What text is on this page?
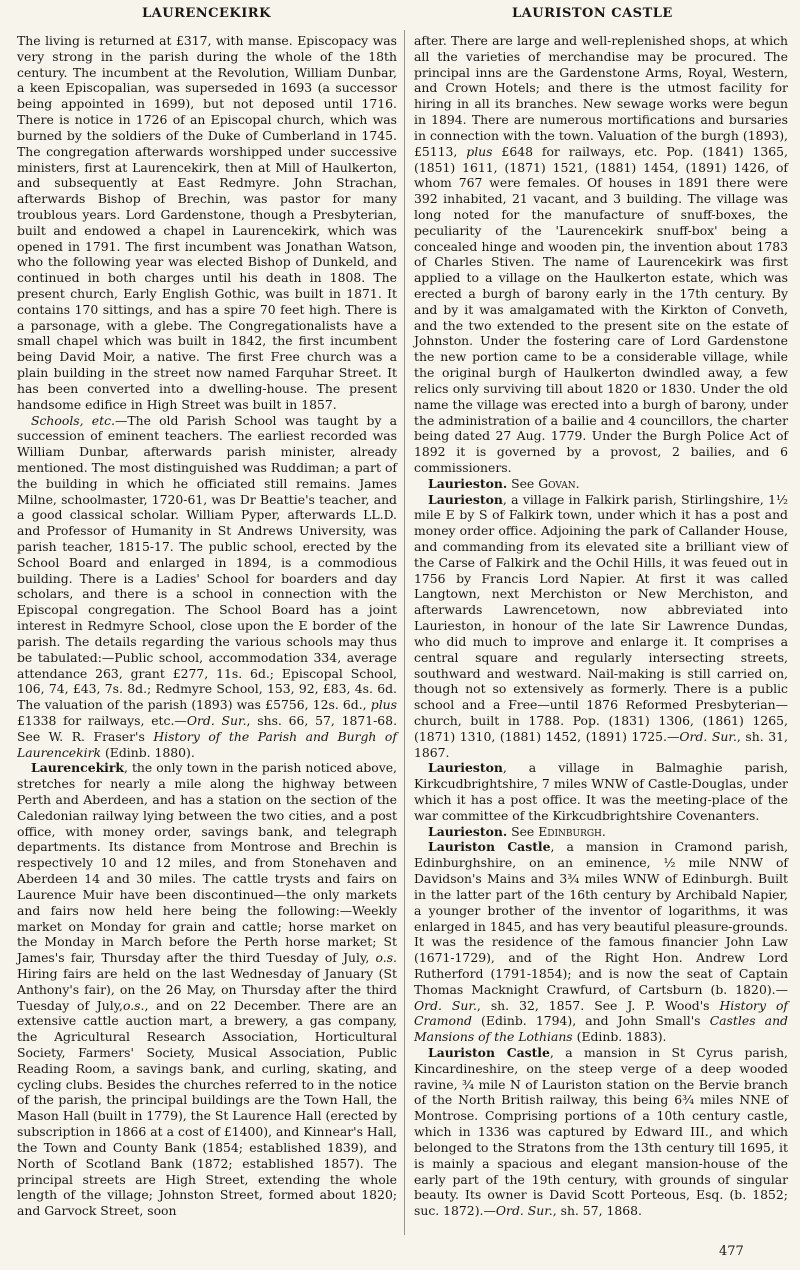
LAURENCEKIRK	LAURISTON CASTLE

The living is returned at £317, with manse. Episcopacy was very strong in the parish during the whole of the 18th century. The incumbent at the Revolution, William Dunbar, a keen Episcopalian, was superseded in 1693 (a successor being appointed in 1699), but not deposed until 1716. There is notice in 1726 of an Episcopal church, which was burned by the soldiers of the Duke of Cumberland in 1745. The congregation afterwards worshipped under successive ministers, first at Laurencekirk, then at Mill of Haulkerton, and subsequently at East Redmyre. John Strachan, afterwards Bishop of Brechin, was pastor for many troublous years. Lord Gardenstone, though a Presbyterian, built and endowed a chapel in Laurencekirk, which was opened in 1791. The first incumbent was Jonathan Watson, who the following year was elected Bishop of Dunkeld, and continued in both charges until his death in 1808. The present church, Early English Gothic, was built in 1871. It contains 170 sittings, and has a spire 70 feet high. There is a parsonage, with a glebe. The Congregationalists have a small chapel which was built in 1842, the first incumbent being David Moir, a native. The first Free church was a plain building in the street now named Farquhar Street. It has been converted into a dwelling-house. The present handsome edifice in High Street was built in 1857.

Schools, etc.—The old Parish School was taught by a succession of eminent teachers. The earliest recorded was William Dunbar, afterwards parish minister, already mentioned. The most distinguished was Ruddiman; a part of the building in which he officiated still remains. James Milne, schoolmaster, 1720-61, was Dr Beattie's teacher, and a good classical scholar. William Pyper, afterwards LL.D. and Professor of Humanity in St Andrews University, was parish teacher, 1815-17. The public school, erected by the School Board and enlarged in 1894, is a commodious building. There is a Ladies' School for boarders and day scholars, and there is a school in connection with the Episcopal congregation. The School Board has a joint interest in Redmyre School, close upon the E border of the parish. The details regarding the various schools may thus be tabulated:—Public school, accommodation 334, average attendance 263, grant £277, 11s. 6d.; Episcopal School, 106, 74, £43, 7s. 8d.; Redmyre School, 153, 92, £83, 4s. 6d. The valuation of the parish (1893) was £5756, 12s. 6d., plus £1338 for railways, etc.—Ord. Sur., shs. 66, 57, 1871-68. See W. R. Fraser's History of the Parish and Burgh of Laurencekirk (Edinb. 1880).

Laurencekirk, the only town in the parish noticed above, stretches for nearly a mile along the highway between Perth and Aberdeen, and has a station on the section of the Caledonian railway lying between the two cities, and a post office, with money order, savings bank, and telegraph departments. Its distance from Montrose and Brechin is respectively 10 and 12 miles, and from Stonehaven and Aberdeen 14 and 30 miles. The cattle trysts and fairs on Laurence Muir have been discontinued—the only markets and fairs now held here being the following:—Weekly market on Monday for grain and cattle; horse market on the Monday in March before the Perth horse market; St James's fair, Thursday after the third Tuesday of July, o.s. Hiring fairs are held on the last Wednesday of January (St Anthony's fair), on the 26 May, on Thursday after the third Tuesday of July,o.s., and on 22 December. There are an extensive cattle auction mart, a brewery, a gas company, the Agricultural Research Association, Horticultural Society, Farmers' Society, Musical Association, Public Reading Room, a savings bank, and curling, skating, and cycling clubs. Besides the churches referred to in the notice of the parish, the principal buildings are the Town Hall, the Mason Hall (built in 1779), the St Laurence Hall (erected by subscription in 1866 at a cost of £1400), and Kinnear's Hall, the Town and County Bank (1854; established 1839), and North of Scotland Bank (1872; established 1857). The principal streets are High Street, extending the whole length of the village; Johnston Street, formed about 1820; and Garvock Street, soon

after. There are large and well-replenished shops, at which all the varieties of merchandise may be procured. The principal inns are the Gardenstone Arms, Royal, Western, and Crown Hotels; and there is the utmost facility for hiring in all its branches. New sewage works were begun in 1894. There are numerous mortifications and bursaries in connection with the town. Valuation of the burgh (1893), £5113, plus £648 for railways, etc. Pop. (1841) 1365, (1851) 1611, (1871) 1521, (1881) 1454, (1891) 1426, of whom 767 were females. Of houses in 1891 there were 392 inhabited, 21 vacant, and 3 building. The village was long noted for the manufacture of snuff-boxes, the peculiarity of the 'Laurencekirk snuff-box' being a concealed hinge and wooden pin, the invention about 1783 of Charles Stiven. The name of Laurencekirk was first applied to a village on the Haulkerton estate, which was erected a burgh of barony early in the 17th century. By and by it was amalgamated with the Kirkton of Conveth, and the two extended to the present site on the estate of Johnston. Under the fostering care of Lord Gardenstone the new portion came to be a considerable village, while the original burgh of Haulkerton dwindled away, a few relics only surviving till about 1820 or 1830. Under the old name the village was erected into a burgh of barony, under the administration of a bailie and 4 councillors, the charter being dated 27 Aug. 1779. Under the Burgh Police Act of 1892 it is governed by a provost, 2 bailies, and 6 commissioners.

Laurieston. See Govan.

Laurieston, a village in Falkirk parish, Stirlingshire, 1½ mile E by S of Falkirk town, under which it has a post and money order office. Adjoining the park of Callander House, and commanding from its elevated site a brilliant view of the Carse of Falkirk and the Ochil Hills, it was feued out in 1756 by Francis Lord Napier. At first it was called Langtown, next Merchiston or New Merchiston, and afterwards Lawrencetown, now abbreviated into Laurieston, in honour of the late Sir Lawrence Dundas, who did much to improve and enlarge it. It comprises a central square and regularly intersecting streets, southward and westward. Nail-making is still carried on, though not so extensively as formerly. There is a public school and a Free—until 1876 Reformed Presbyterian—church, built in 1788. Pop. (1831) 1306, (1861) 1265, (1871) 1310, (1881) 1452, (1891) 1725.—Ord. Sur., sh. 31, 1867.

Laurieston, a village in Balmaghie parish, Kirkcudbrightshire, 7 miles WNW of Castle-Douglas, under which it has a post office. It was the meeting-place of the war committee of the Kirkcudbrightshire Covenanters.

Laurieston. See Edinburgh.

Lauriston Castle, a mansion in Cramond parish, Edinburghshire, on an eminence, ½ mile NNW of Davidson's Mains and 3¾ miles WNW of Edinburgh. Built in the latter part of the 16th century by Archibald Napier, a younger brother of the inventor of logarithms, it was enlarged in 1845, and has very beautiful pleasure-grounds. It was the residence of the famous financier John Law (1671-1729), and of the Right Hon. Andrew Lord Rutherford (1791-1854); and is now the seat of Captain Thomas Macknight Crawfurd, of Cartsburn (b. 1820).—Ord. Sur., sh. 32, 1857. See J. P. Wood's History of Cramond (Edinb. 1794), and John Small's Castles and Mansions of the Lothians (Edinb. 1883).

Lauriston Castle, a mansion in St Cyrus parish, Kincardineshire, on the steep verge of a deep wooded ravine, ¾ mile N of Lauriston station on the Bervie branch of the North British railway, this being 6¾ miles NNE of Montrose. Comprising portions of a 10th century castle, which in 1336 was captured by Edward III., and which belonged to the Stratons from the 13th century till 1695, it is mainly a spacious and elegant mansion-house of the early part of the 19th century, with grounds of singular beauty. Its owner is David Scott Porteous, Esq. (b. 1852; suc. 1872).—Ord. Sur., sh. 57, 1868.

477
